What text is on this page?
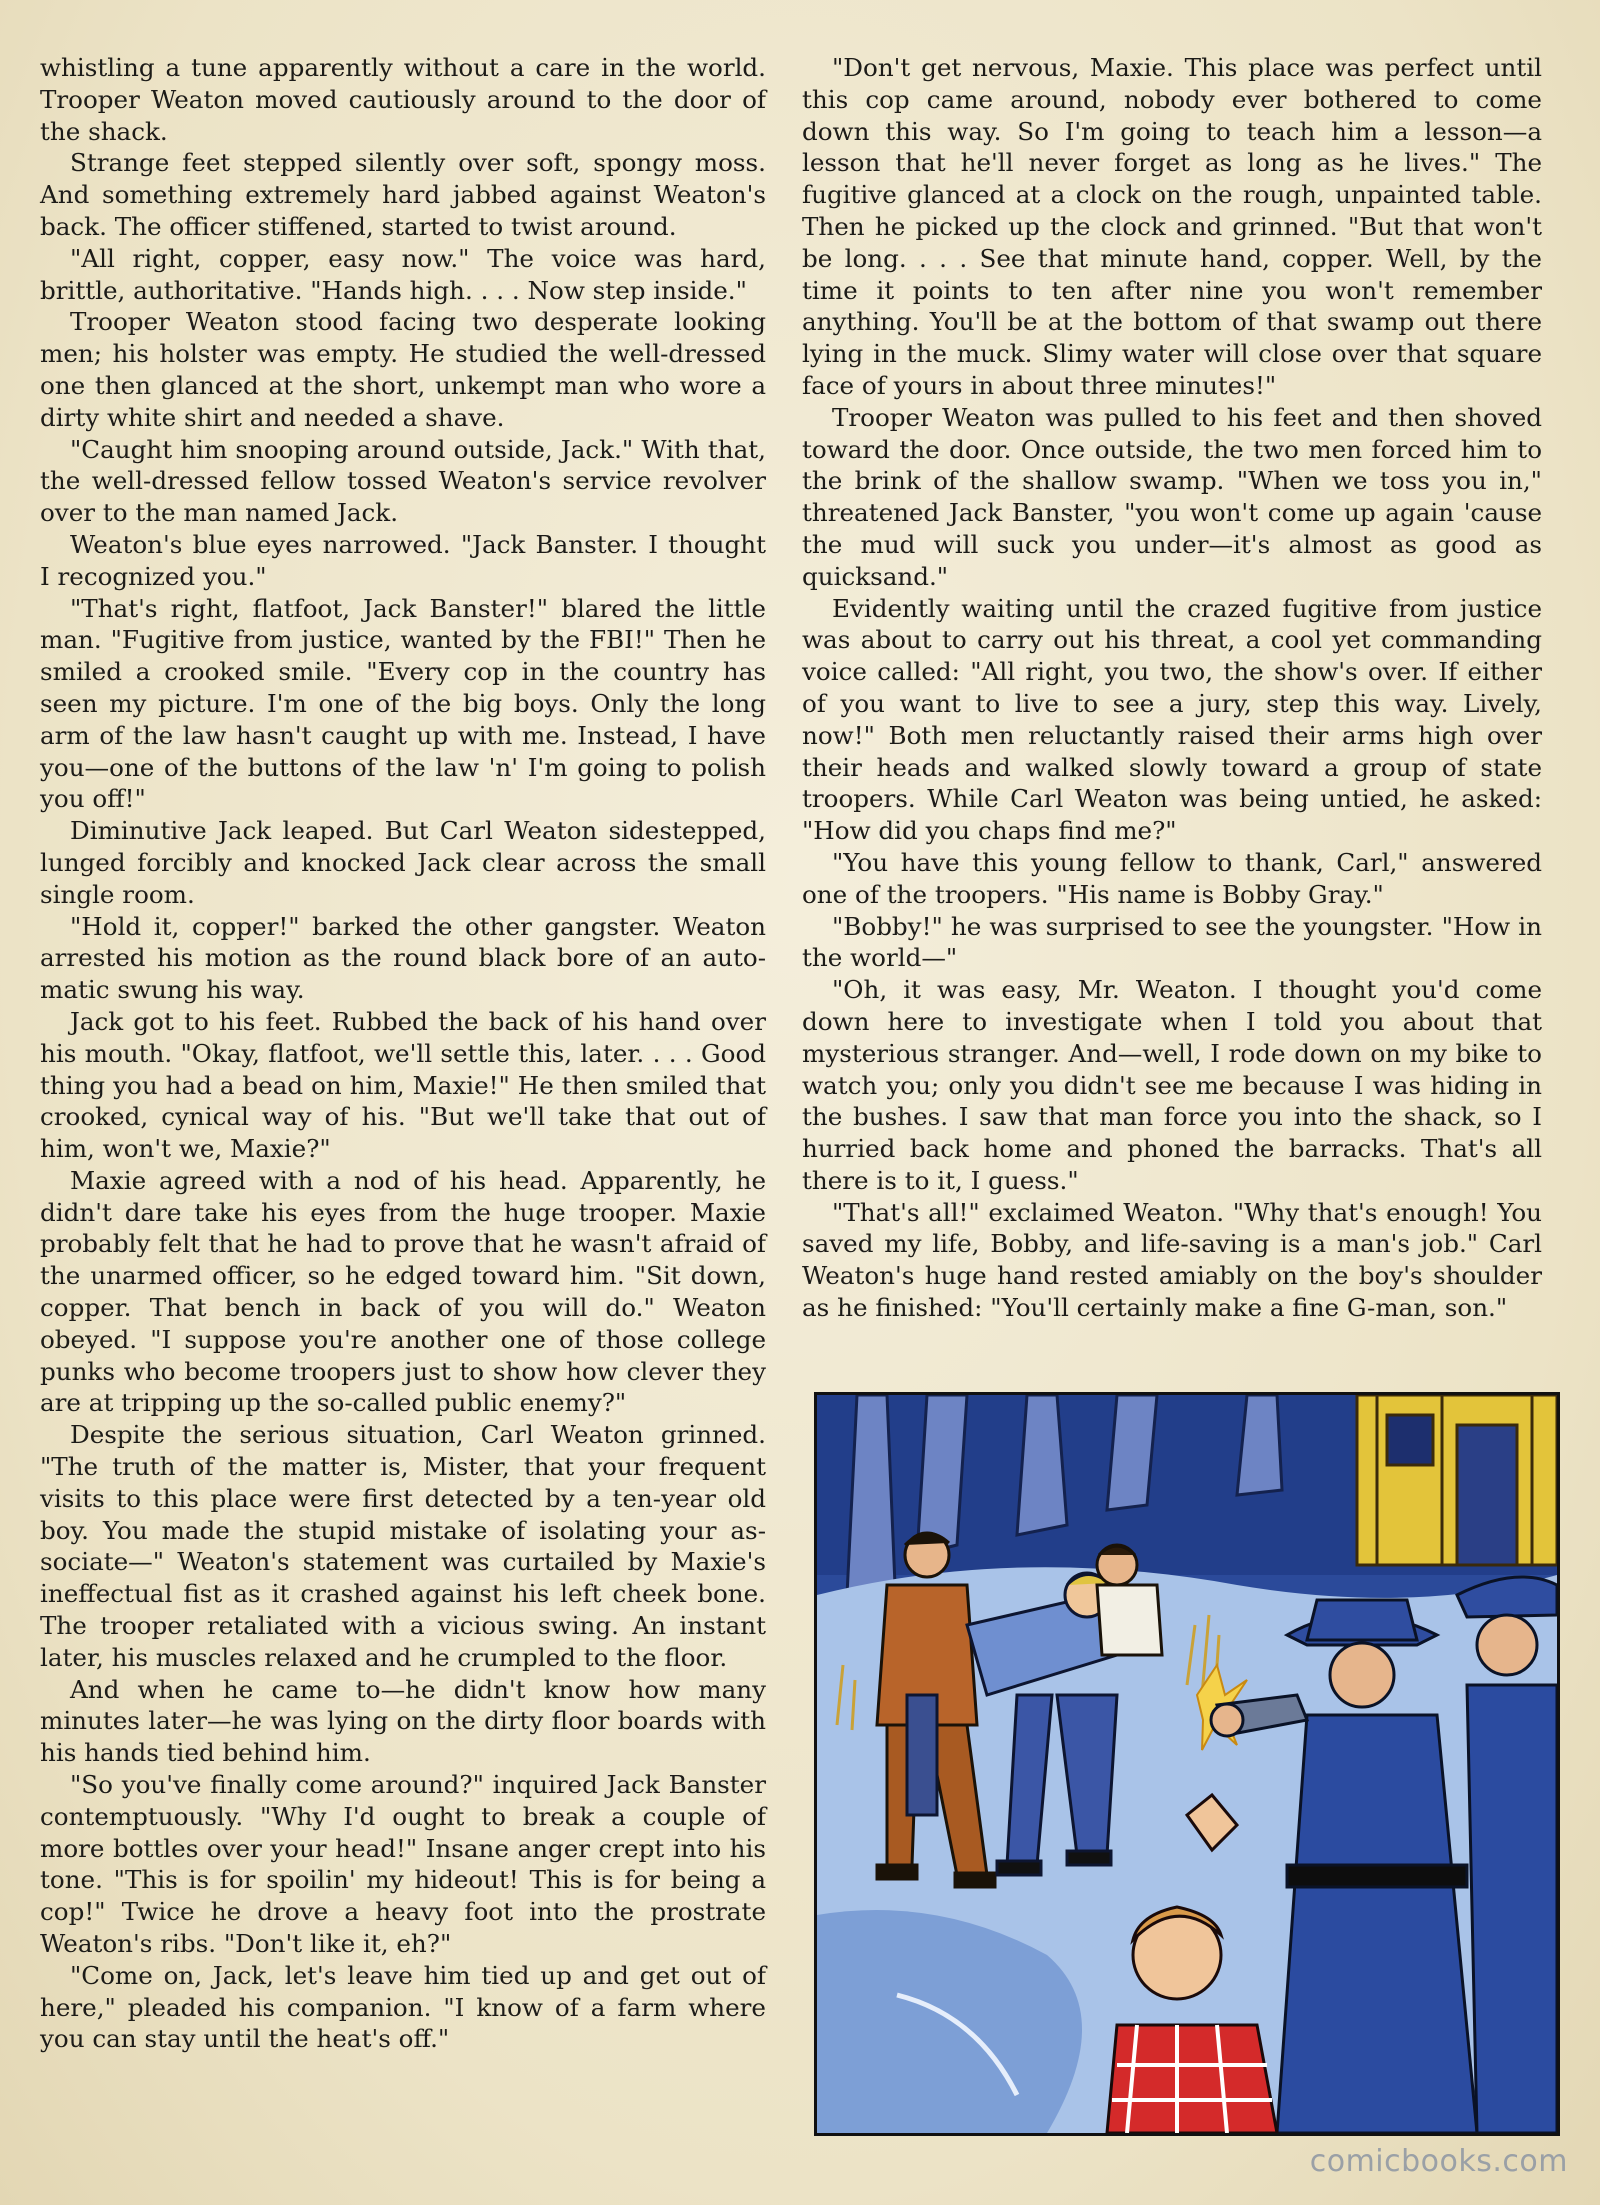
whistling a tune apparently without a care in the world. Trooper Weaton moved cautiously around to the door of the shack.

Strange feet stepped silently over soft, spongy moss. And something extremely hard jabbed against Weaton's back. The officer stiffened, started to twist around.

"All right, copper, easy now." The voice was hard, brittle, authoritative. "Hands high. . . . Now step inside."

Trooper Weaton stood facing two desperate looking men; his holster was empty. He studied the well-dressed one then glanced at the short, unkempt man who wore a dirty white shirt and needed a shave.

"Caught him snooping around outside, Jack." With that, the well-dressed fellow tossed Weaton's service revolver over to the man named Jack.

Weaton's blue eyes narrowed. "Jack Banster. I thought I recognized you."

"That's right, flatfoot, Jack Banster!" blared the little man. "Fugitive from justice, wanted by the FBI!" Then he smiled a crooked smile. "Every cop in the country has seen my picture. I'm one of the big boys. Only the long arm of the law hasn't caught up with me. Instead, I have you—one of the buttons of the law 'n' I'm going to polish you off!"

Diminutive Jack leaped. But Carl Weaton sidestepped, lunged forcibly and knocked Jack clear across the small single room.

"Hold it, copper!" barked the other gangster. Weaton arrested his motion as the round black bore of an automatic swung his way.

Jack got to his feet. Rubbed the back of his hand over his mouth. "Okay, flatfoot, we'll settle this, later. . . . Good thing you had a bead on him, Maxie!" He then smiled that crooked, cynical way of his. "But we'll take that out of him, won't we, Maxie?"

Maxie agreed with a nod of his head. Apparently, he didn't dare take his eyes from the huge trooper. Maxie probably felt that he had to prove that he wasn't afraid of the unarmed officer, so he edged toward him. "Sit down, copper. That bench in back of you will do." Weaton obeyed. "I suppose you're another one of those college punks who become troopers just to show how clever they are at tripping up the so-called public enemy?"

Despite the serious situation, Carl Weaton grinned. "The truth of the matter is, Mister, that your frequent visits to this place were first detected by a ten-year old boy. You made the stupid mistake of isolating your associate—" Weaton's statement was curtailed by Maxie's ineffectual fist as it crashed against his left cheek bone. The trooper retaliated with a vicious swing. An instant later, his muscles relaxed and he crumpled to the floor.

And when he came to—he didn't know how many minutes later—he was lying on the dirty floor boards with his hands tied behind him.

"So you've finally come around?" inquired Jack Banster contemptuously. "Why I'd ought to break a couple of more bottles over your head!" Insane anger crept into his tone. "This is for spoilin' my hideout! This is for being a cop!" Twice he drove a heavy foot into the prostrate Weaton's ribs. "Don't like it, eh?"

"Come on, Jack, let's leave him tied up and get out of here," pleaded his companion. "I know of a farm where you can stay until the heat's off."

"Don't get nervous, Maxie. This place was perfect until this cop came around, nobody ever bothered to come down this way. So I'm going to teach him a lesson—a lesson that he'll never forget as long as he lives." The fugitive glanced at a clock on the rough, unpainted table. Then he picked up the clock and grinned. "But that won't be long. . . . See that minute hand, copper. Well, by the time it points to ten after nine you won't remember anything. You'll be at the bottom of that swamp out there lying in the muck. Slimy water will close over that square face of yours in about three minutes!"

Trooper Weaton was pulled to his feet and then shoved toward the door. Once outside, the two men forced him to the brink of the shallow swamp. "When we toss you in," threatened Jack Banster, "you won't come up again 'cause the mud will suck you under—it's almost as good as quicksand."

Evidently waiting until the crazed fugitive from justice was about to carry out his threat, a cool yet commanding voice called: "All right, you two, the show's over. If either of you want to live to see a jury, step this way. Lively, now!" Both men reluctantly raised their arms high over their heads and walked slowly toward a group of state troopers. While Carl Weaton was being untied, he asked: "How did you chaps find me?"

"You have this young fellow to thank, Carl," answered one of the troopers. "His name is Bobby Gray."

"Bobby!" he was surprised to see the youngster. "How in the world—"

"Oh, it was easy, Mr. Weaton. I thought you'd come down here to investigate when I told you about that mysterious stranger. And—well, I rode down on my bike to watch you; only you didn't see me because I was hiding in the bushes. I saw that man force you into the shack, so I hurried back home and phoned the barracks. That's all there is to it, I guess."

"That's all!" exclaimed Weaton. "Why that's enough! You saved my life, Bobby, and life-saving is a man's job." Carl Weaton's huge hand rested amiably on the boy's shoulder as he finished: "You'll certainly make a fine G-man, son."

comicbooks.com
